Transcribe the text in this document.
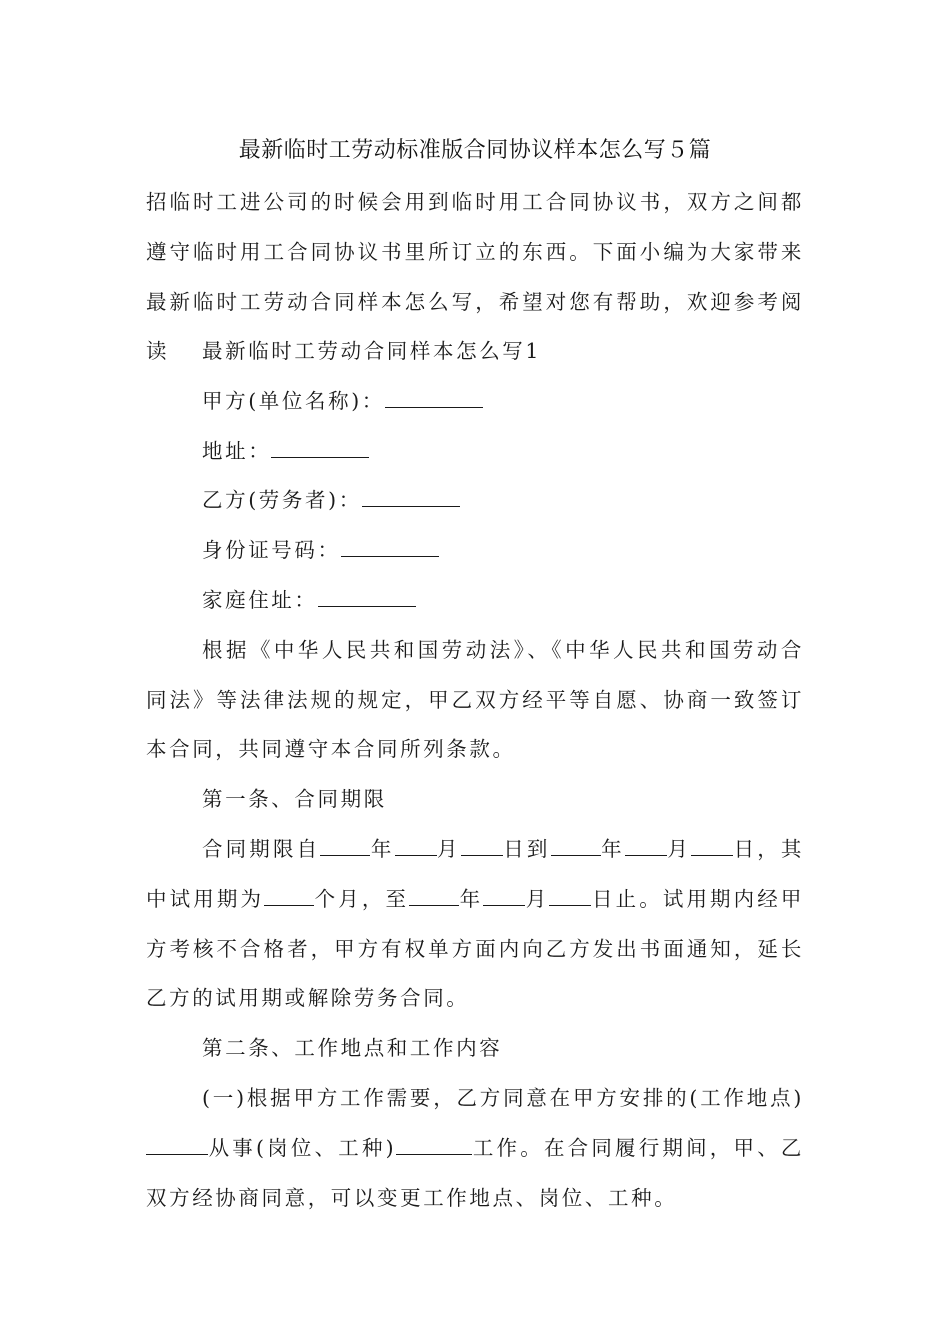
最新临时工劳动标准版合同协议样本怎么写５篇
招临时工进公司的时候会用到临时用工合同协议书，双方之间都遵守临时用工合同协议书里所订立的东西。下面小编为大家带来最新临时工劳动合同样本怎么写，希望对您有帮助，欢迎参考阅读	最新临时工劳动合同样本怎么写1

甲方(单位名称)：

地址：

乙方(劳务者)：

身份证号码：

家庭住址：

根据《中华人民共和国劳动法》、《中华人民共和国劳动合同法》等法律法规的规定，甲乙双方经平等自愿、协商一致签订本合同，共同遵守本合同所列条款。

第一条、合同期限

合同期限自 年 月 日到 年 月 日，其中试用期为 个月，至 年 月 日止。试用期内经甲方考核不合格者，甲方有权单方面内向乙方发出书面通知，延长乙方的试用期或解除劳务合同。

第二条、工作地点和工作内容

(一)根据甲方工作需要，乙方同意在甲方安排的(工作地点)从事(岗位、工种)	工作。在合同履行期间，甲、乙双方经协商同意，可以变更工作地点、岗位、工种。
